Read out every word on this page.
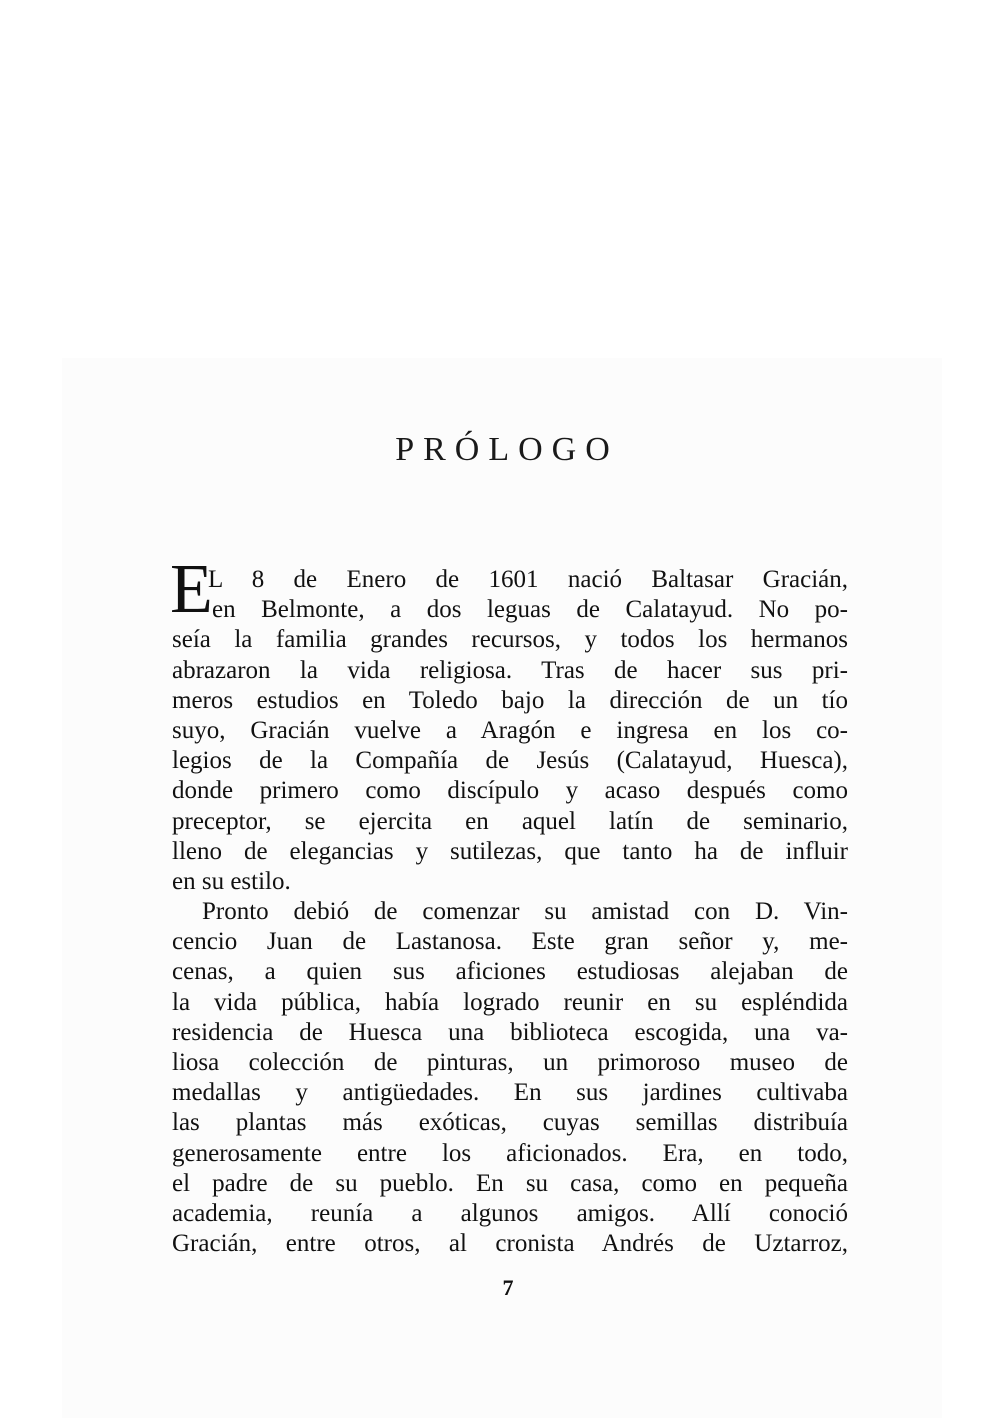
PRÓLOGO
E
L 8 de Enero de 1601 nació Baltasar Gracián,
en Belmonte, a dos leguas de Calatayud. No po-
seía la familia grandes recursos, y todos los hermanos
abrazaron la vida religiosa. Tras de hacer sus pri-
meros estudios en Toledo bajo la dirección de un tío
suyo, Gracián vuelve a Aragón e ingresa en los co-
legios de la Compañía de Jesús (Calatayud, Huesca),
donde primero como discípulo y acaso después como
preceptor, se ejercita en aquel latín de seminario,
lleno de elegancias y sutilezas, que tanto ha de influir
en su estilo.
Pronto debió de comenzar su amistad con D. Vin-
cencio Juan de Lastanosa. Este gran señor y, me-
cenas, a quien sus aficiones estudiosas alejaban de
la vida pública, había logrado reunir en su espléndida
residencia de Huesca una biblioteca escogida, una va-
liosa colección de pinturas, un primoroso museo de
medallas y antigüedades. En sus jardines cultivaba
las plantas más exóticas, cuyas semillas distribuía
generosamente entre los aficionados. Era, en todo,
el padre de su pueblo. En su casa, como en pequeña
academia, reunía a algunos amigos. Allí conoció
Gracián, entre otros, al cronista Andrés de Uztarroz,
7
